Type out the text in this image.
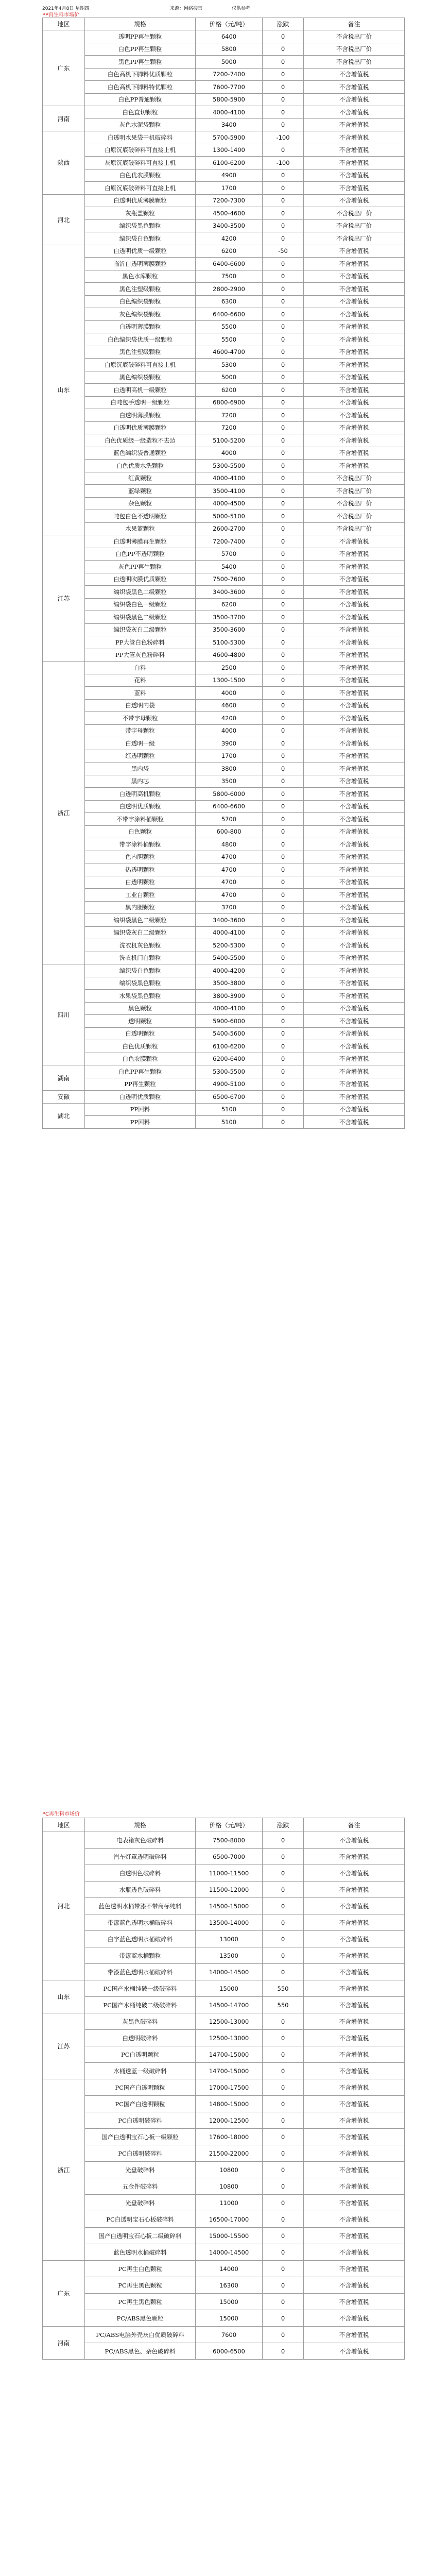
2021年4月8日 星期四	来源：网络搜集	仅供参考
PP再生料市场价
地区	规格	价格（元/吨）	涨跌	备注
广东	透明PP再生颗粒	6400	0	不含税出厂价
	白色PP再生颗粒	5800	0	不含税出厂价
	黑色PP再生颗粒	5000	0	不含税出厂价
	白色高机下脚料优质颗粒	7200-7400	0	不含增值税
	白色高机下脚料特优颗粒	7600-7700	0	不含增值税
	白色PP普通颗粒	5800-5900	0	不含增值税
河南	白色直切颗粒	4000-4100	0	不含增值税
	灰色水泥袋颗粒	3400	0	不含增值税
陕西	白透明水果袋干机破碎料	5700-5900	-100	不含增值税
	白原沉底破碎料可直接上机	1300-1400	0	不含增值税
	灰原沉底破碎料可直接上机	6100-6200	-100	不含增值税
	白色优农膜颗粒	4900	0	不含增值税
	白原沉底破碎料可直接上机	1700	0	不含增值税
河北	白透明优质薄膜颗粒	7200-7300	0	不含增值税
	灰瓶盖颗粒	4500-4600	0	不含税出厂价
	编织袋黑色颗粒	3400-3500	0	不含税出厂价
	编织袋白色颗粒	4200	0	不含税出厂价
山东	白透明优质一级颗粒	6200	-50	不含增值税
	临沂白透明薄膜颗粒	6400-6600	0	不含增值税
	黑色水库颗粒	7500	0	不含增值税
	黑色注塑级颗粒	2800-2900	0	不含增值税
	白色编织袋颗粒	6300	0	不含增值税
	灰色编织袋颗粒	6400-6600	0	不含增值税
	白透明薄膜颗粒	5500	0	不含增值税
	白色编织袋优质一级颗粒	5500	0	不含增值税
	黑色注塑级颗粒	4600-4700	0	不含增值税
	白原沉底破碎料可直接上机	5300	0	不含增值税
	黑色编织袋颗粒	5000	0	不含增值税
	白透明高机一级颗粒	6200	0	不含增值税
	白吨包手透明一级颗粒	6800-6900	0	不含增值税
	白透明薄膜颗粒	7200	0	不含增值税
	白透明优质薄膜颗粒	7200	0	不含增值税
	白色优质级一级造粒不去边	5100-5200	0	不含增值税
	蓝色编织袋普通颗粒	4000	0	不含增值税
	白色优质水洗颗粒	5300-5500	0	不含增值税
	红黄颗粒	4000-4100	0	不含税出厂价
	蓝绿颗粒	3500-4100	0	不含税出厂价
	杂色颗粒	4000-4500	0	不含税出厂价
	吨包白色不透明颗粒	5000-5100	0	不含税出厂价
	水果篮颗粒	2600-2700	0	不含税出厂价
江苏	白透明薄膜再生颗粒	7200-7400	0	不含增值税
	白色PP不透明颗粒	5700	0	不含增值税
	灰色PP再生颗粒	5400	0	不含增值税
	白透明吹膜优质颗粒	7500-7600	0	不含增值税
	编织袋黑色二级颗粒	3400-3600	0	不含增值税
	编织袋白色一级颗粒	6200	0	不含增值税
	编织袋黑色二级颗粒	3500-3700	0	不含增值税
	编织袋灰白二级颗粒	3500-3600	0	不含增值税
	PP大管白色粉碎料	5100-5300	0	不含增值税
	PP大管灰色粉碎料	4600-4800	0	不含增值税
浙江	白料	2500	0	不含增值税
	花料	1300-1500	0	不含增值税
	蓝料	4000	0	不含增值税
	白透明内袋	4600	0	不含增值税
	不带字母颗粒	4200	0	不含增值税
	带字母颗粒	4000	0	不含增值税
	白透明一级	3900	0	不含增值税
	红透明颗粒	1700	0	不含增值税
	黑内袋	3800	0	不含增值税
	黑内芯	3500	0	不含增值税
	白透明高机颗粒	5800-6000	0	不含增值税
	白透明优质颗粒	6400-6600	0	不含增值税
	不带字涂料桶颗粒	5700	0	不含增值税
	白色颗粒	600-800	0	不含增值税
	带字涂料桶颗粒	4800	0	不含增值税
	色内胆颗粒	4700	0	不含增值税
	热透明颗粒	4700	0	不含增值税
	白透明颗粒	4700	0	不含增值税
	工业白颗粒	4700	0	不含增值税
	黑内胆颗粒	3700	0	不含增值税
	编织袋黑色二级颗粒	3400-3600	0	不含增值税
	编织袋灰白二级颗粒	4000-4100	0	不含增值税
	洗衣机灰色颗粒	5200-5300	0	不含增值税
	洗衣机门白颗粒	5400-5500	0	不含增值税
四川	编织袋白色颗粒	4000-4200	0	不含增值税
	编织袋黑色颗粒	3500-3800	0	不含增值税
	水果袋黑色颗粒	3800-3900	0	不含增值税
	黑色颗粒	4000-4100	0	不含增值税
	透明颗粒	5900-6000	0	不含增值税
	白透明颗粒	5400-5600	0	不含增值税
	白色优质颗粒	6100-6200	0	不含增值税
	白色农膜颗粒	6200-6400	0	不含增值税
湖南	白色PP再生颗粒	5300-5500	0	不含增值税
	PP再生颗粒	4900-5100	0	不含增值税
安徽	白透明优质颗粒	6500-6700	0	不含增值税
湖北	PP回料	5100	0	不含增值税
	PP回料	5100	0	不含增值税
PC再生料市场价
地区	规格	价格（元/吨）	涨跌	备注
河北	电表箱灰色破碎料	7500-8000	0	不含增值税
	汽车灯罩透明破碎料	6500-7000	0	不含增值税
	白透明色破碎料	11000-11500	0	不含增值税
	水瓶透色破碎料	11500-12000	0	不含增值税
	蓝色透明水桶带漆不带商标纯料	14500-15000	0	不含增值税
	带漆蓝色透明水桶破碎料	13500-14000	0	不含增值税
	白字蓝色透明水桶破碎料	13000	0	不含增值税
	带漆蓝水桶颗粒	13500	0	不含增值税
	带漆蓝色透明水桶破碎料	14000-14500	0	不含增值税
山东	PC国产水桶纯破一级破碎料	15000	550	不含增值税
	PC国产水桶纯破二级破碎料	14500-14700	550	不含增值税
江苏	灰黑色破碎料	12500-13000	0	不含增值税
	白透明破碎料	12500-13000	0	不含增值税
	PC白透明颗粒	14700-15000	0	不含增值税
	水桶透蓝一级破碎料	14700-15000	0	不含增值税
浙江	PC国产白透明颗粒	17000-17500	0	不含增值税
	PC国产白透明颗粒	14800-15000	0	不含增值税
	PC白透明破碎料	12000-12500	0	不含增值税
	国产白透明宝石心板一级颗粒	17600-18000	0	不含增值税
	PC白透明破碎料	21500-22000	0	不含增值税
	光盘破碎料	10800	0	不含增值税
	五金件破碎料	10800	0	不含增值税
	光盘破碎料	11000	0	不含增值税
	PC白透明宝石心板破碎料	16500-17000	0	不含增值税
	国产白透明宝石心板二级破碎料	15000-15500	0	不含增值税
	蓝色透明水桶破碎料	14000-14500	0	不含增值税
广东	PC再生白色颗粒	14000	0	不含增值税
	PC再生黑色颗粒	16300	0	不含增值税
	PC再生黑色颗粒	15000	0	不含增值税
	PC/ABS黑色颗粒	15000	0	不含增值税
河南	PC/ABS电脑外壳灰白优质破碎料	7600	0	不含增值税
	PC/ABS黑色、杂色破碎料	6000-6500	0	不含增值税
